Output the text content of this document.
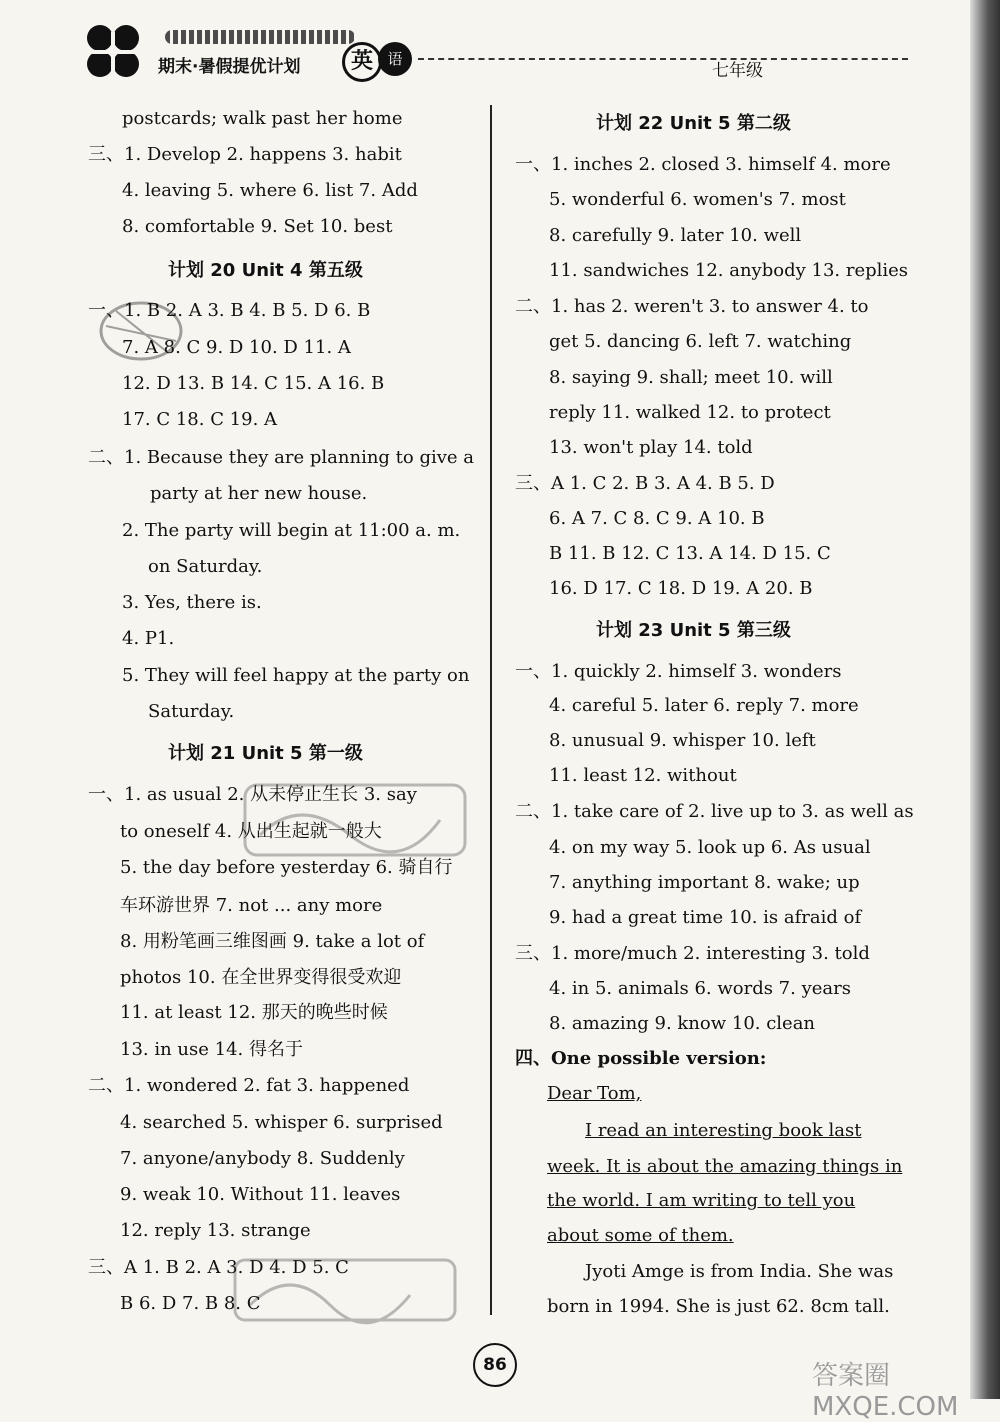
期末·暑假提优计划	英 语
七年级
postcards; walk past her home
三、1. Develop 2. happens 3. habit
4. leaving 5. where 6. list 7. Add
8. comfortable 9. Set 10. best
计划 20 Unit 4 第五级
一、1. B 2. A 3. B 4. B 5. D 6. B
7. A 8. C 9. D 10. D 11. A
12. D 13. B 14. C 15. A 16. B
17. C 18. C 19. A
二、1. Because they are planning to give a
party at her new house.
2. The party will begin at 11:00 a. m.
on Saturday.
3. Yes, there is.
4. P1.
5. They will feel happy at the party on
Saturday.
计划 21 Unit 5 第一级
一、1. as usual 2. 从未停止生长 3. say
to oneself 4. 从出生起就一般大
5. the day before yesterday 6. 骑自行
车环游世界 7. not ... any more
8. 用粉笔画三维图画 9. take a lot of
photos 10. 在全世界变得很受欢迎
11. at least 12. 那天的晚些时候
13. in use 14. 得名于
二、1. wondered 2. fat 3. happened
4. searched 5. whisper 6. surprised
7. anyone/anybody 8. Suddenly
9. weak 10. Without 11. leaves
12. reply 13. strange
三、A 1. B 2. A 3. D 4. D 5. C
B 6. D 7. B 8. C
计划 22 Unit 5 第二级
一、1. inches 2. closed 3. himself 4. more
5. wonderful 6. women's 7. most
8. carefully 9. later 10. well
11. sandwiches 12. anybody 13. replies
二、1. has 2. weren't 3. to answer 4. to
get 5. dancing 6. left 7. watching
8. saying 9. shall; meet 10. will
reply 11. walked 12. to protect
13. won't play 14. told
三、A 1. C 2. B 3. A 4. B 5. D
6. A 7. C 8. C 9. A 10. B
B 11. B 12. C 13. A 14. D 15. C
16. D 17. C 18. D 19. A 20. B
计划 23 Unit 5 第三级
一、1. quickly 2. himself 3. wonders
4. careful 5. later 6. reply 7. more
8. unusual 9. whisper 10. left
11. least 12. without
二、1. take care of 2. live up to 3. as well as
4. on my way 5. look up 6. As usual
7. anything important 8. wake; up
9. had a great time 10. is afraid of
三、1. more/much 2. interesting 3. told
4. in 5. animals 6. words 7. years
8. amazing 9. know 10. clean
四、One possible version:
Dear Tom,
I read an interesting book last
week. It is about the amazing things in
the world. I am writing to tell you
about some of them.
Jyoti Amge is from India. She was
born in 1994. She is just 62. 8cm tall.
86	答案圈 MXQE.COM
